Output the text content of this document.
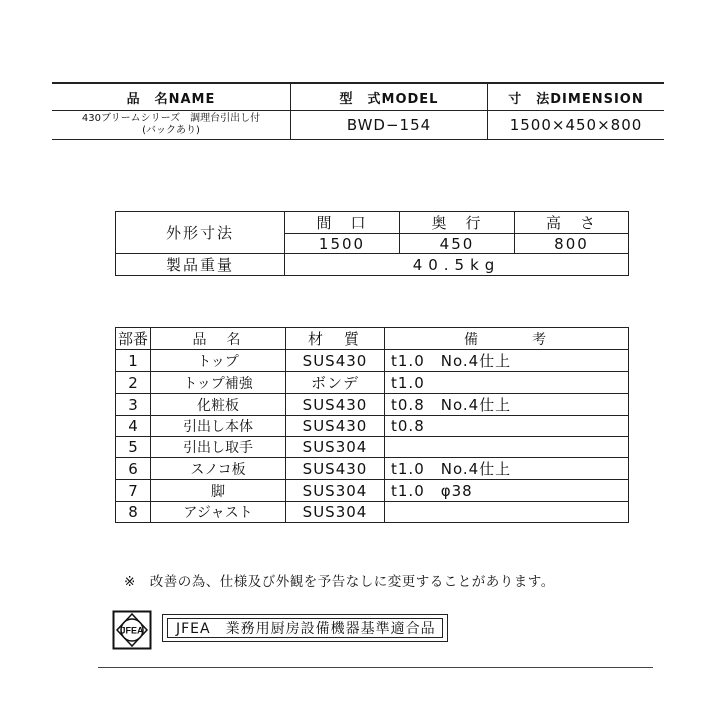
品　名NAME	型　式MODEL	寸　法DIMENSION

430ブリームシリーズ　調理台引出し付
(バックあり)	BWD−154	1500×450×800
外形寸法	間　口	奥　行	高　さ
	1500	450	800
製品重量	40.5kg		
部番	品　名	材　質	備　　　考
1	トップ	SUS430	t1.0　No.4仕上
2	トップ補強	ボンデ	t1.0
3	化粧板	SUS430	t0.8　No.4仕上
4	引出し本体	SUS430	t0.8
5	引出し取手	SUS304	
6	スノコ板	SUS430	t1.0　No.4仕上
7	脚	SUS304	t1.0　φ38
8	アジャスト	SUS304	
※　改善の為、仕様及び外観を予告なしに変更することがあります。
JFEA	JFEA　業務用厨房設備機器基準適合品
